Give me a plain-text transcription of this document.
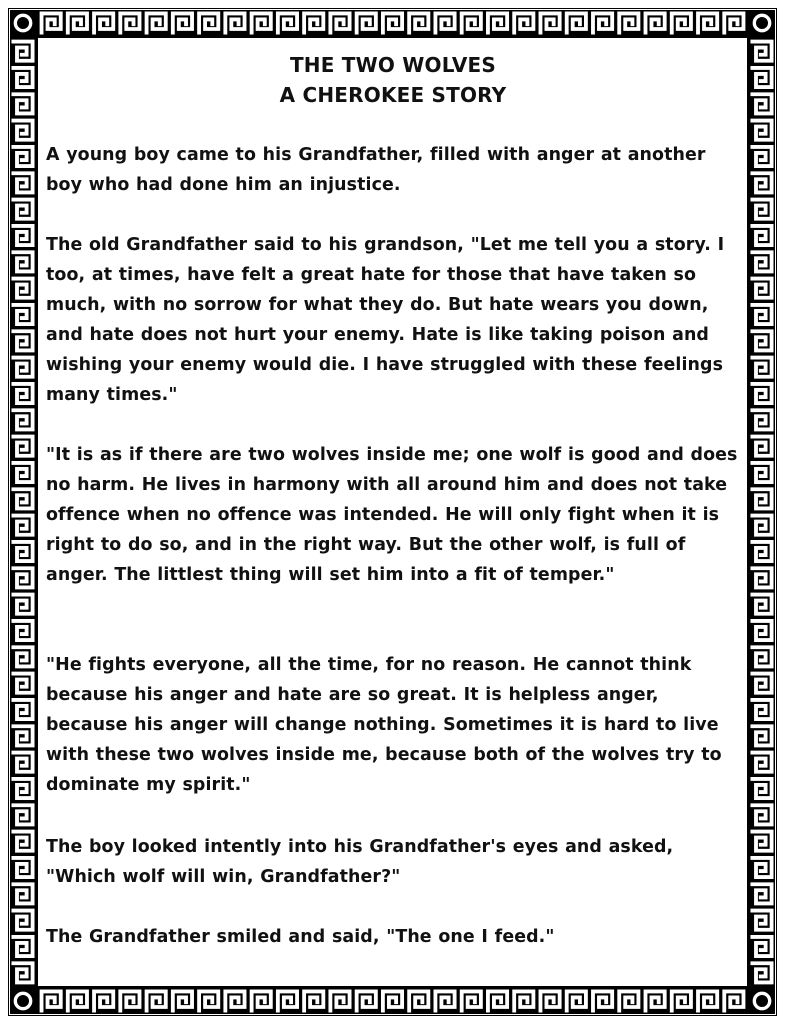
THE TWO WOLVES
A CHEROKEE STORY

A young boy came to his Grandfather, filled with anger at another boy who had done him an injustice.

The old Grandfather said to his grandson, "Let me tell you a story. I too, at times, have felt a great hate for those that have taken so much, with no sorrow for what they do. But hate wears you down, and hate does not hurt your enemy. Hate is like taking poison and wishing your enemy would die. I have struggled with these feelings many times."

"It is as if there are two wolves inside me; one wolf is good and does no harm. He lives in harmony with all around him and does not take offence when no offence was intended. He will only fight when it is right to do so, and in the right way. But the other wolf, is full of anger. The littlest thing will set him into a fit of temper."

"He fights everyone, all the time, for no reason. He cannot think because his anger and hate are so great. It is helpless anger, because his anger will change nothing. Sometimes it is hard to live with these two wolves inside me, because both of the wolves try to dominate my spirit."

The boy looked intently into his Grandfather's eyes and asked, "Which wolf will win, Grandfather?"

The Grandfather smiled and said, "The one I feed."
